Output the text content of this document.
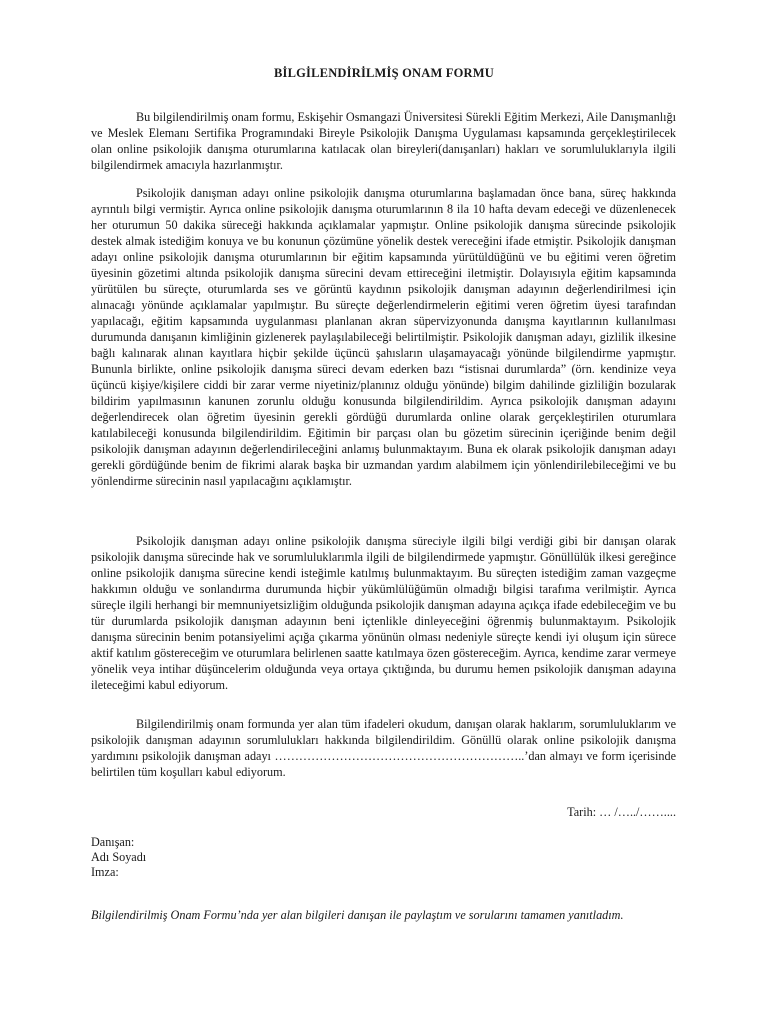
BİLGİLENDİRİLMİŞ ONAM FORMU

Bu bilgilendirilmiş onam formu, Eskişehir Osmangazi Üniversitesi Sürekli Eğitim Merkezi, Aile Danışmanlığı ve Meslek Elemanı Sertifika Programındaki Bireyle Psikolojik Danışma Uygulaması kapsamında gerçekleştirilecek olan online psikolojik danışma oturumlarına katılacak olan bireyleri(danışanları) hakları ve sorumluluklarıyla ilgili bilgilendirmek amacıyla hazırlanmıştır.

Psikolojik danışman adayı online psikolojik danışma oturumlarına başlamadan önce bana, süreç hakkında ayrıntılı bilgi vermiştir. Ayrıca online psikolojik danışma oturumlarının 8 ila 10 hafta devam edeceği ve düzenlenecek her oturumun 50 dakika süreceği hakkında açıklamalar yapmıştır. Online psikolojik danışma sürecinde psikolojik destek almak istediğim konuya ve bu konunun çözümüne yönelik destek vereceğini ifade etmiştir. Psikolojik danışman adayı online psikolojik danışma oturumlarının bir eğitim kapsamında yürütüldüğünü ve bu eğitimi veren öğretim üyesinin gözetimi altında psikolojik danışma sürecini devam ettireceğini iletmiştir. Dolayısıyla eğitim kapsamında yürütülen bu süreçte, oturumlarda ses ve görüntü kaydının psikolojik danışman adayının değerlendirilmesi için alınacağı yönünde açıklamalar yapılmıştır. Bu süreçte değerlendirmelerin eğitimi veren öğretim üyesi tarafından yapılacağı, eğitim kapsamında uygulanması planlanan akran süpervizyonunda danışma kayıtlarının kullanılması durumunda danışanın kimliğinin gizlenerek paylaşılabileceği belirtilmiştir. Psikolojik danışman adayı, gizlilik ilkesine bağlı kalınarak alınan kayıtlara hiçbir şekilde üçüncü şahısların ulaşamayacağı yönünde bilgilendirme yapmıştır. Bununla birlikte, online psikolojik danışma süreci devam ederken bazı “istisnai durumlarda” (örn. kendinize veya üçüncü kişiye/kişilere ciddi bir zarar verme niyetiniz/planınız olduğu yönünde) bilgim dahilinde gizliliğin bozularak bildirim yapılmasının kanunen zorunlu olduğu konusunda bilgilendirildim. Ayrıca psikolojik danışman adayını değerlendirecek olan öğretim üyesinin gerekli gördüğü durumlarda online olarak gerçekleştirilen oturumlara katılabileceği konusunda bilgilendirildim. Eğitimin bir parçası olan bu gözetim sürecinin içeriğinde benim değil psikolojik danışman adayının değerlendirileceğini anlamış bulunmaktayım. Buna ek olarak psikolojik danışman adayı gerekli gördüğünde benim de fikrimi alarak başka bir uzmandan yardım alabilmem için yönlendirilebileceğimi ve bu yönlendirme sürecinin nasıl yapılacağını açıklamıştır.

Psikolojik danışman adayı online psikolojik danışma süreciyle ilgili bilgi verdiği gibi bir danışan olarak psikolojik danışma sürecinde hak ve sorumluluklarımla ilgili de bilgilendirmede yapmıştır. Gönüllülük ilkesi gereğince online psikolojik danışma sürecine kendi isteğimle katılmış bulunmaktayım. Bu süreçten istediğim zaman vazgeçme hakkımın olduğu ve sonlandırma durumunda hiçbir yükümlülüğümün olmadığı bilgisi tarafıma verilmiştir. Ayrıca süreçle ilgili herhangi bir memnuniyetsizliğim olduğunda psikolojik danışman adayına açıkça ifade edebileceğim ve bu tür durumlarda psikolojik danışman adayının beni içtenlikle dinleyeceğini öğrenmiş bulunmaktayım. Psikolojik danışma sürecinin benim potansiyelimi açığa çıkarma yönünün olması nedeniyle süreçte kendi iyi oluşum için sürece aktif katılım göstereceğim ve oturumlara belirlenen saatte katılmaya özen göstereceğim. Ayrıca, kendime zarar vermeye yönelik veya intihar düşüncelerim olduğunda veya ortaya çıktığında, bu durumu hemen psikolojik danışman adayına ileteceğimi kabul ediyorum.

Bilgilendirilmiş onam formunda yer alan tüm ifadeleri okudum, danışan olarak haklarım, sorumluluklarım ve psikolojik danışman adayının sorumlulukları hakkında bilgilendirildim. Gönüllü olarak online psikolojik danışma yardımını psikolojik danışman adayı ……………………………………………………..’dan almayı ve form içerisinde belirtilen tüm koşulları kabul ediyorum.

Tarih: … /…../……....
Danışan:
Adı Soyadı
Imza:

Bilgilendirilmiş Onam Formu’nda yer alan bilgileri danışan ile paylaştım ve sorularını tamamen yanıtladım.
